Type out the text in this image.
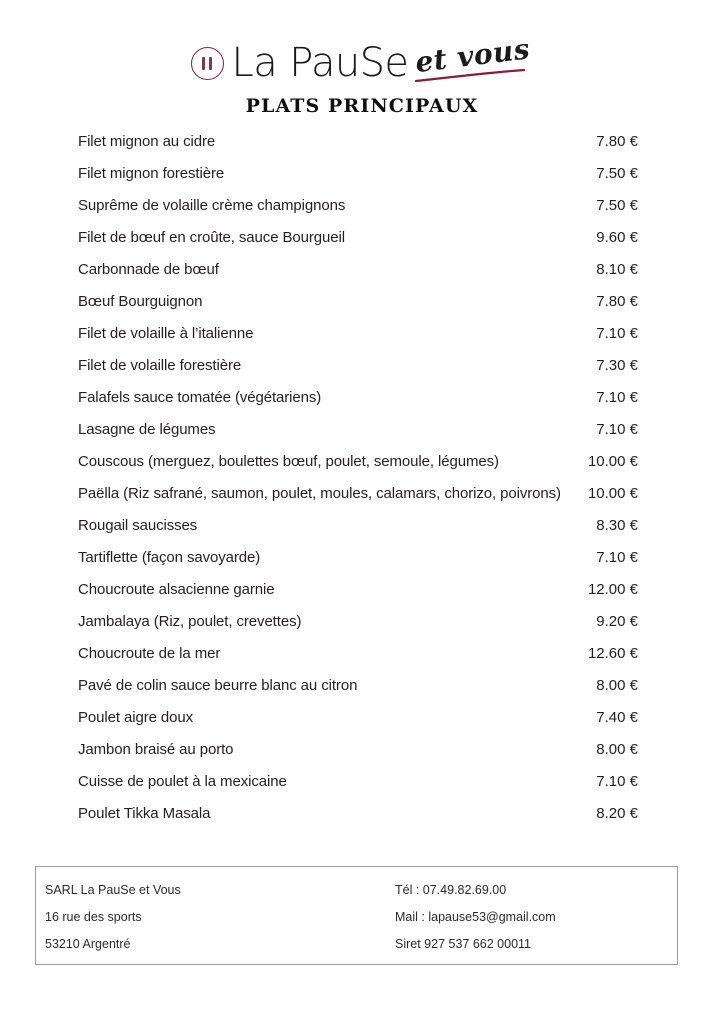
La PauSe et vous
PLATS PRINCIPAUX
Filet mignon au cidre	7.80 €
Filet mignon forestière	7.50 €
Suprême de volaille crème champignons	7.50 €
Filet de bœuf en croûte, sauce Bourgueil	9.60 €
Carbonnade de bœuf	8.10 €
Bœuf Bourguignon	7.80 €
Filet de volaille à l’italienne	7.10 €
Filet de volaille forestière	7.30 €
Falafels sauce tomatée (végétariens)	7.10 €
Lasagne de légumes	7.10 €
Couscous (merguez, boulettes bœuf, poulet, semoule, légumes)	10.00 €
Paëlla (Riz safrané, saumon, poulet, moules, calamars, chorizo, poivrons)	10.00 €
Rougail saucisses	8.30 €
Tartiflette (façon savoyarde)	7.10 €
Choucroute alsacienne garnie	12.00 €
Jambalaya (Riz, poulet, crevettes)	9.20 €
Choucroute de la mer	12.60 €
Pavé de colin sauce beurre blanc au citron	8.00 €
Poulet aigre doux	7.40 €
Jambon braisé au porto	8.00 €
Cuisse de poulet à la mexicaine	7.10 €
Poulet Tikka Masala	8.20 €
SARL La PauSe et Vous
16 rue des sports
53210 Argentré
Tél : 07.49.82.69.00
Mail : lapause53@gmail.com
Siret 927 537 662 00011
